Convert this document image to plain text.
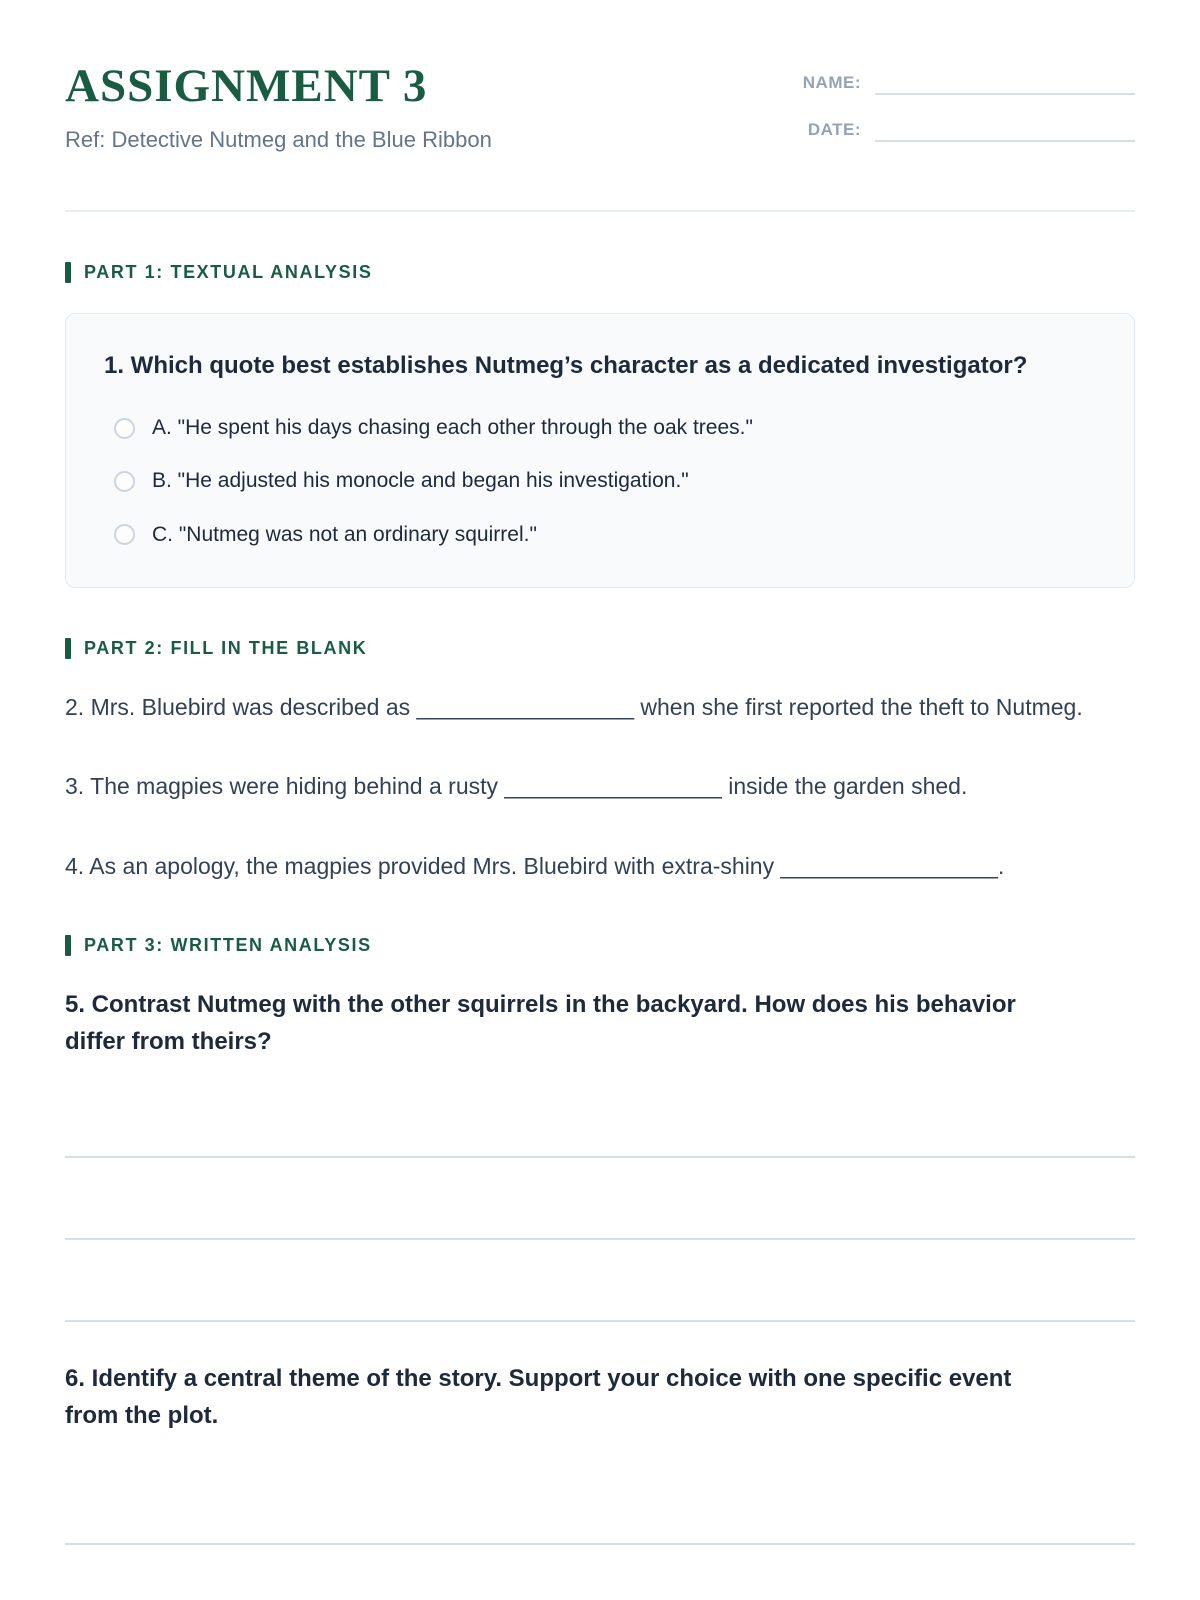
ASSIGNMENT 3

Ref: Detective Nutmeg and the Blue Ribbon

NAME:
DATE:
PART 1: TEXTUAL ANALYSIS

1. Which quote best establishes Nutmeg’s character as a dedicated investigator?

A. "He spent his days chasing each other through the oak trees."
B. "He adjusted his monocle and began his investigation."
C. "Nutmeg was not an ordinary squirrel."
PART 2: FILL IN THE BLANK

2. Mrs. Bluebird was described as _________________ when she first reported the theft to Nutmeg.

3. The magpies were hiding behind a rusty _________________ inside the garden shed.

4. As an apology, the magpies provided Mrs. Bluebird with extra-shiny _________________.

PART 3: WRITTEN ANALYSIS

5. Contrast Nutmeg with the other squirrels in the backyard. How does his behavior differ from theirs?

6. Identify a central theme of the story. Support your choice with one specific event from the plot.
